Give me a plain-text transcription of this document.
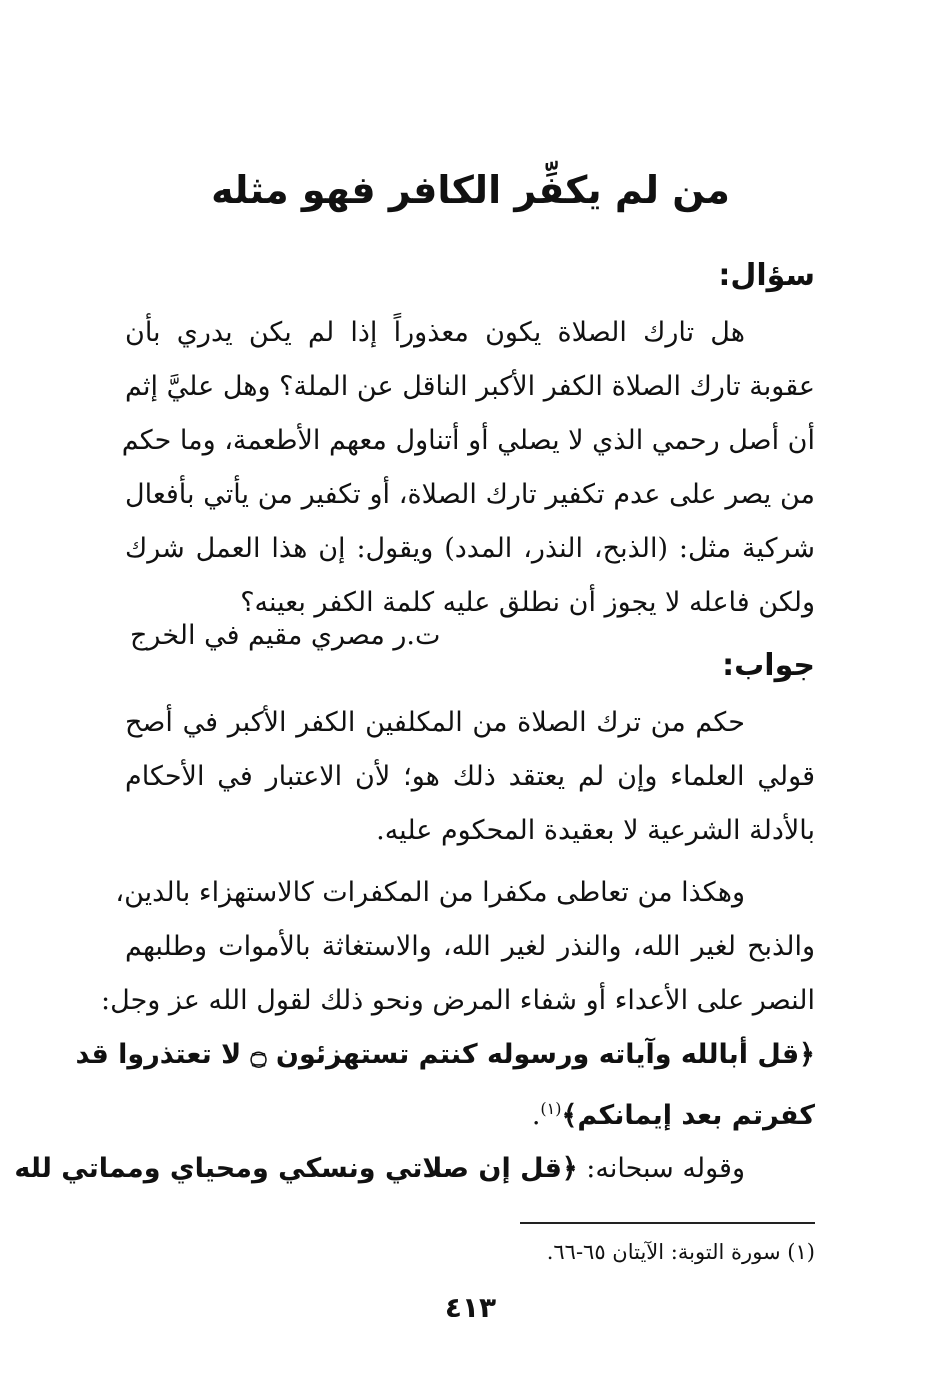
من لم يكفِّر الكافر فهو مثله
سؤال:
هل تارك الصلاة يكون معذوراً إذا لم يكن يدري بأن
عقوبة تارك الصلاة الكفر الأكبر الناقل عن الملة؟ وهل عليَّ إثم
أن أصل رحمي الذي لا يصلي أو أتناول معهم الأطعمة، وما حكم
من يصر على عدم تكفير تارك الصلاة، أو تكفير من يأتي بأفعال
شركية مثل: (الذبح، النذر، المدد) ويقول: إن هذا العمل شرك
ولكن فاعله لا يجوز أن نطلق عليه كلمة الكفر بعينه؟
ت.ر مصري مقيم في الخرج
جواب:
حكم من ترك الصلاة من المكلفين الكفر الأكبر في أصح
قولي العلماء وإن لم يعتقد ذلك هو؛ لأن الاعتبار في الأحكام
بالأدلة الشرعية لا بعقيدة المحكوم عليه.
وهكذا من تعاطى مكفرا من المكفرات كالاستهزاء بالدين،
والذبح لغير الله، والنذر لغير الله، والاستغاثة بالأموات وطلبهم
النصر على الأعداء أو شفاء المرض ونحو ذلك لقول الله عز وجل:
﴿قل أبالله وآياته ورسوله كنتم تستهزئون ۝ لا تعتذروا قد
كفرتم بعد إيمانكم﴾$^{(١)}$.
وقوله سبحانه: ﴿قل إن صلاتي ونسكي ومحياي ومماتي لله
(١) سورة التوبة: الآيتان ٦٥-٦٦.
٤١٣
